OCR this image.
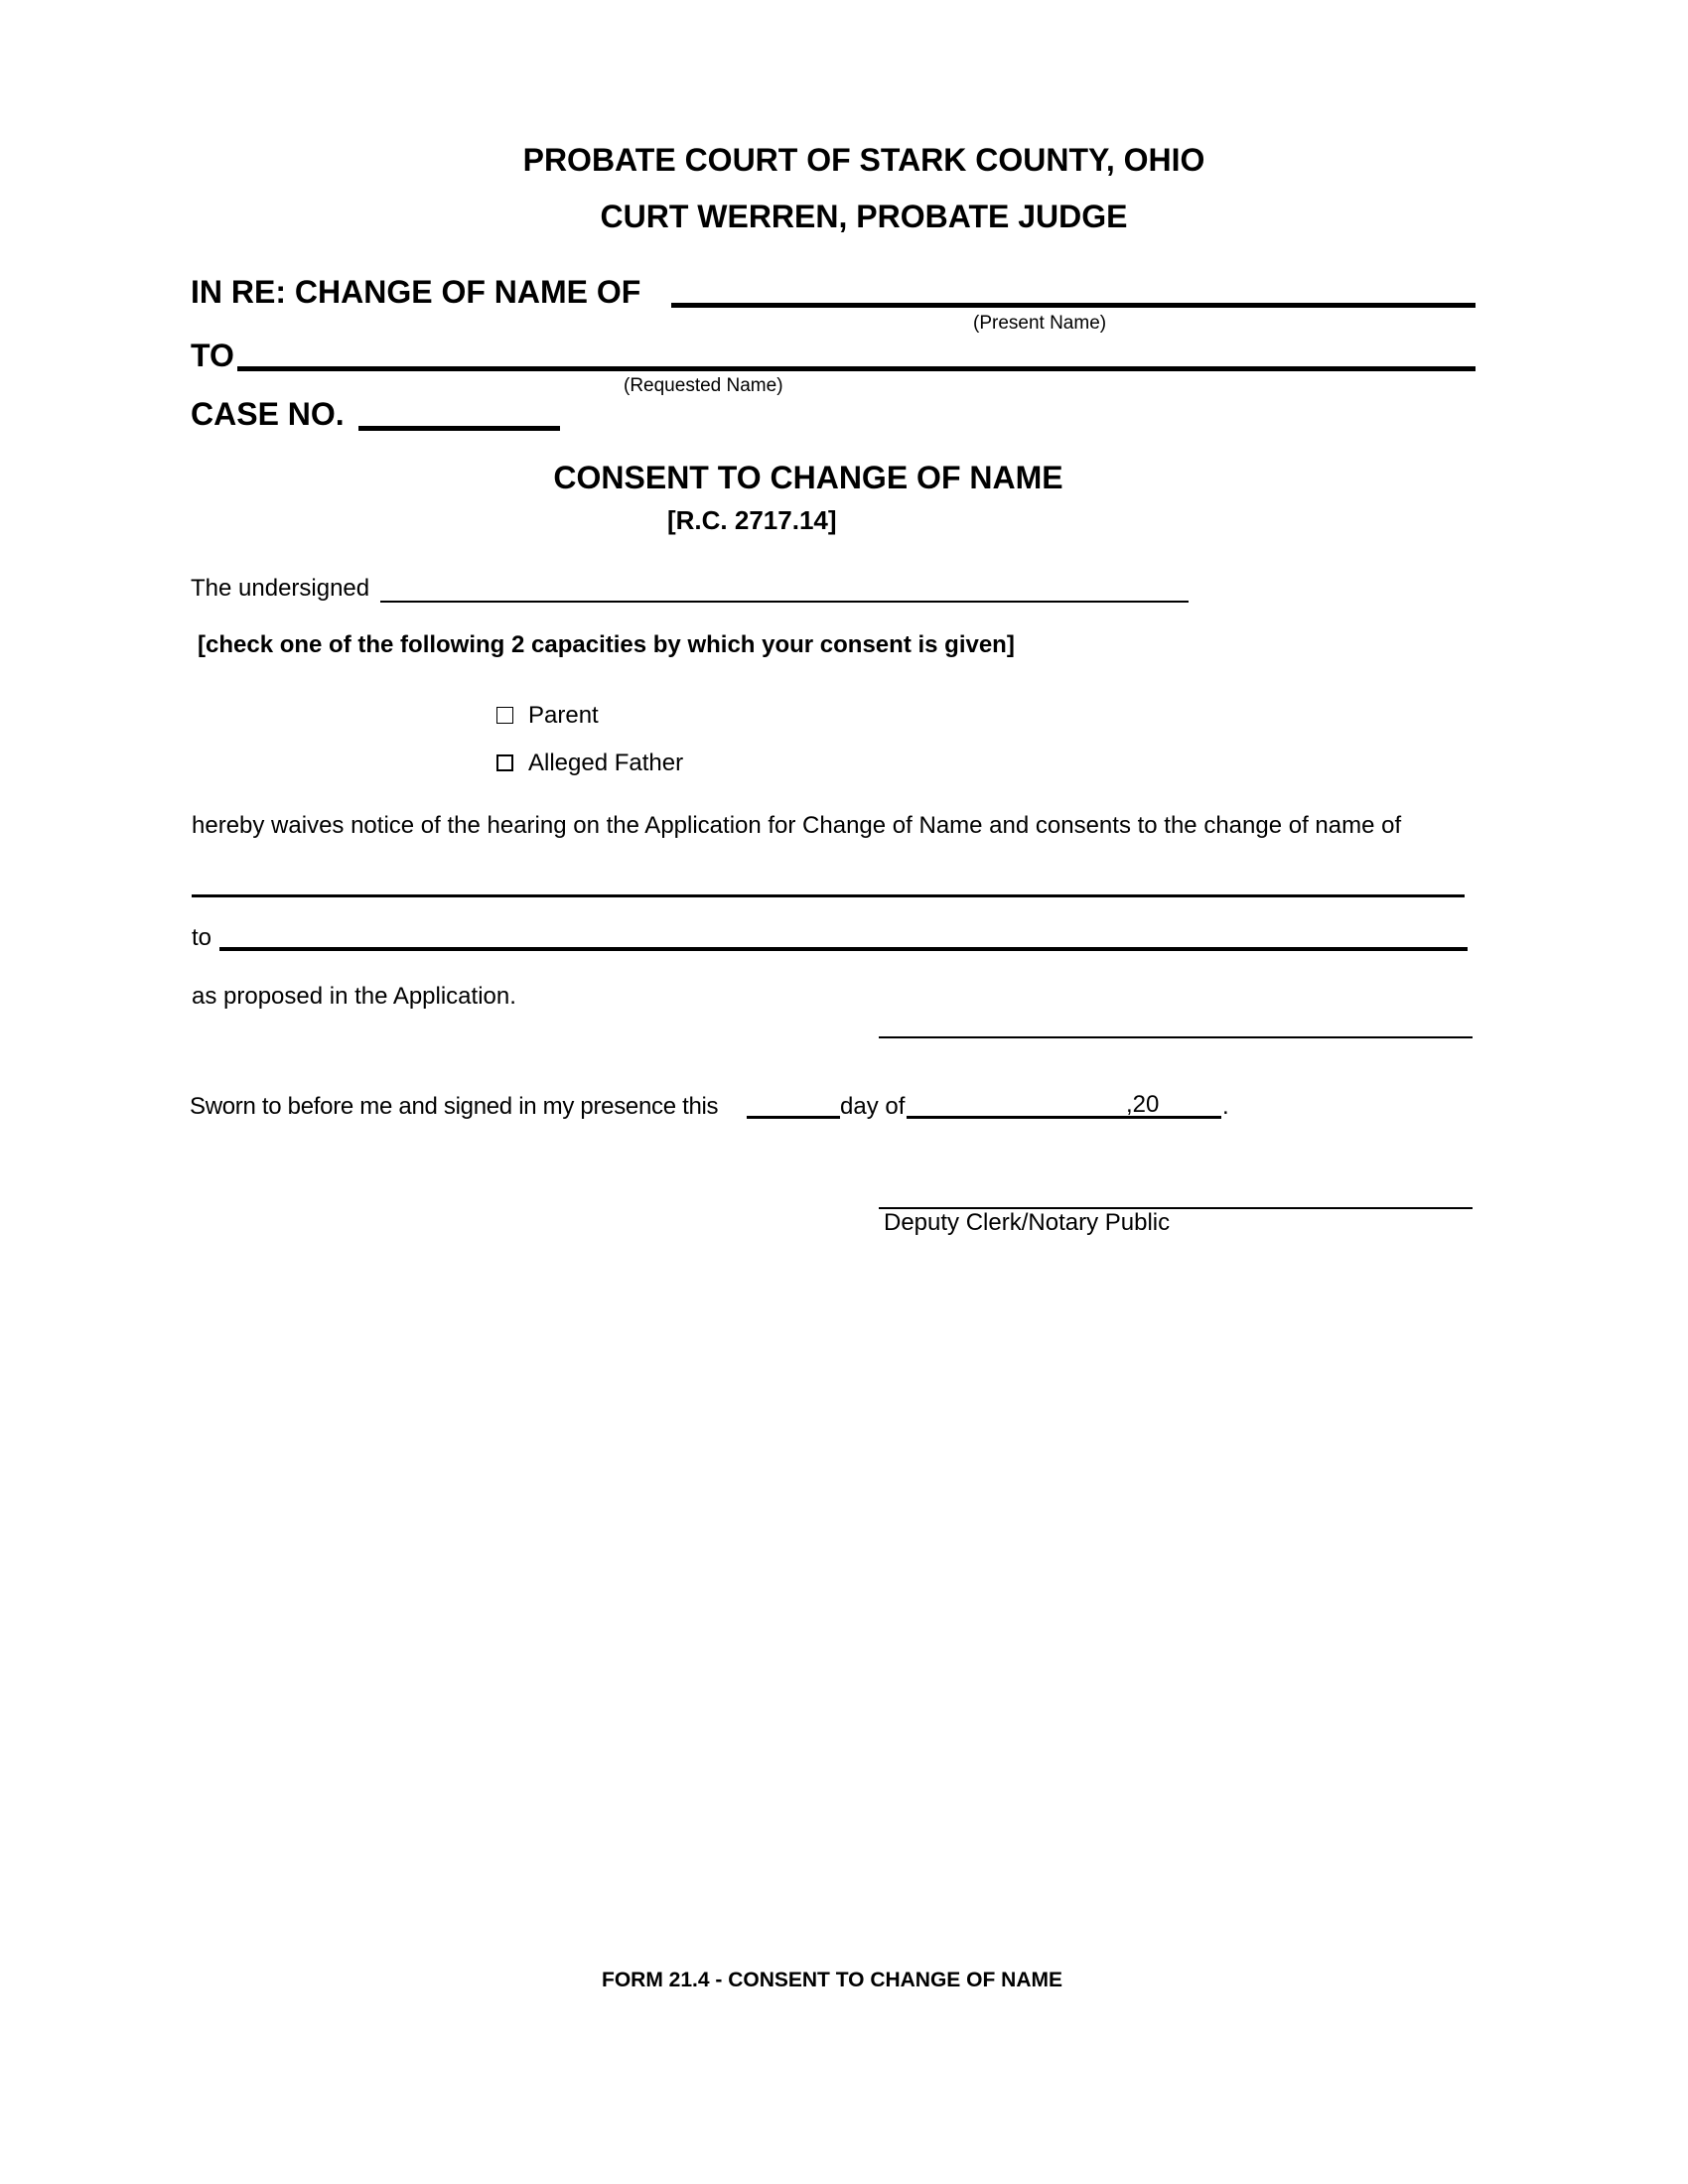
PROBATE COURT OF STARK COUNTY, OHIO
CURT WERREN, PROBATE JUDGE
IN RE: CHANGE OF NAME OF
(Present Name)
TO
(Requested Name)
CASE NO.
CONSENT TO CHANGE OF NAME
[R.C. 2717.14]
The undersigned
[check one of the following 2 capacities by which your consent is given]
Parent
Alleged Father
hereby waives notice of the hearing on the Application for Change of Name and consents to the change of name of
to
as proposed in the Application.
Sworn to before me and signed in my presence this	day of	,20	.
Deputy Clerk/Notary Public
FORM 21.4 - CONSENT TO CHANGE OF NAME
